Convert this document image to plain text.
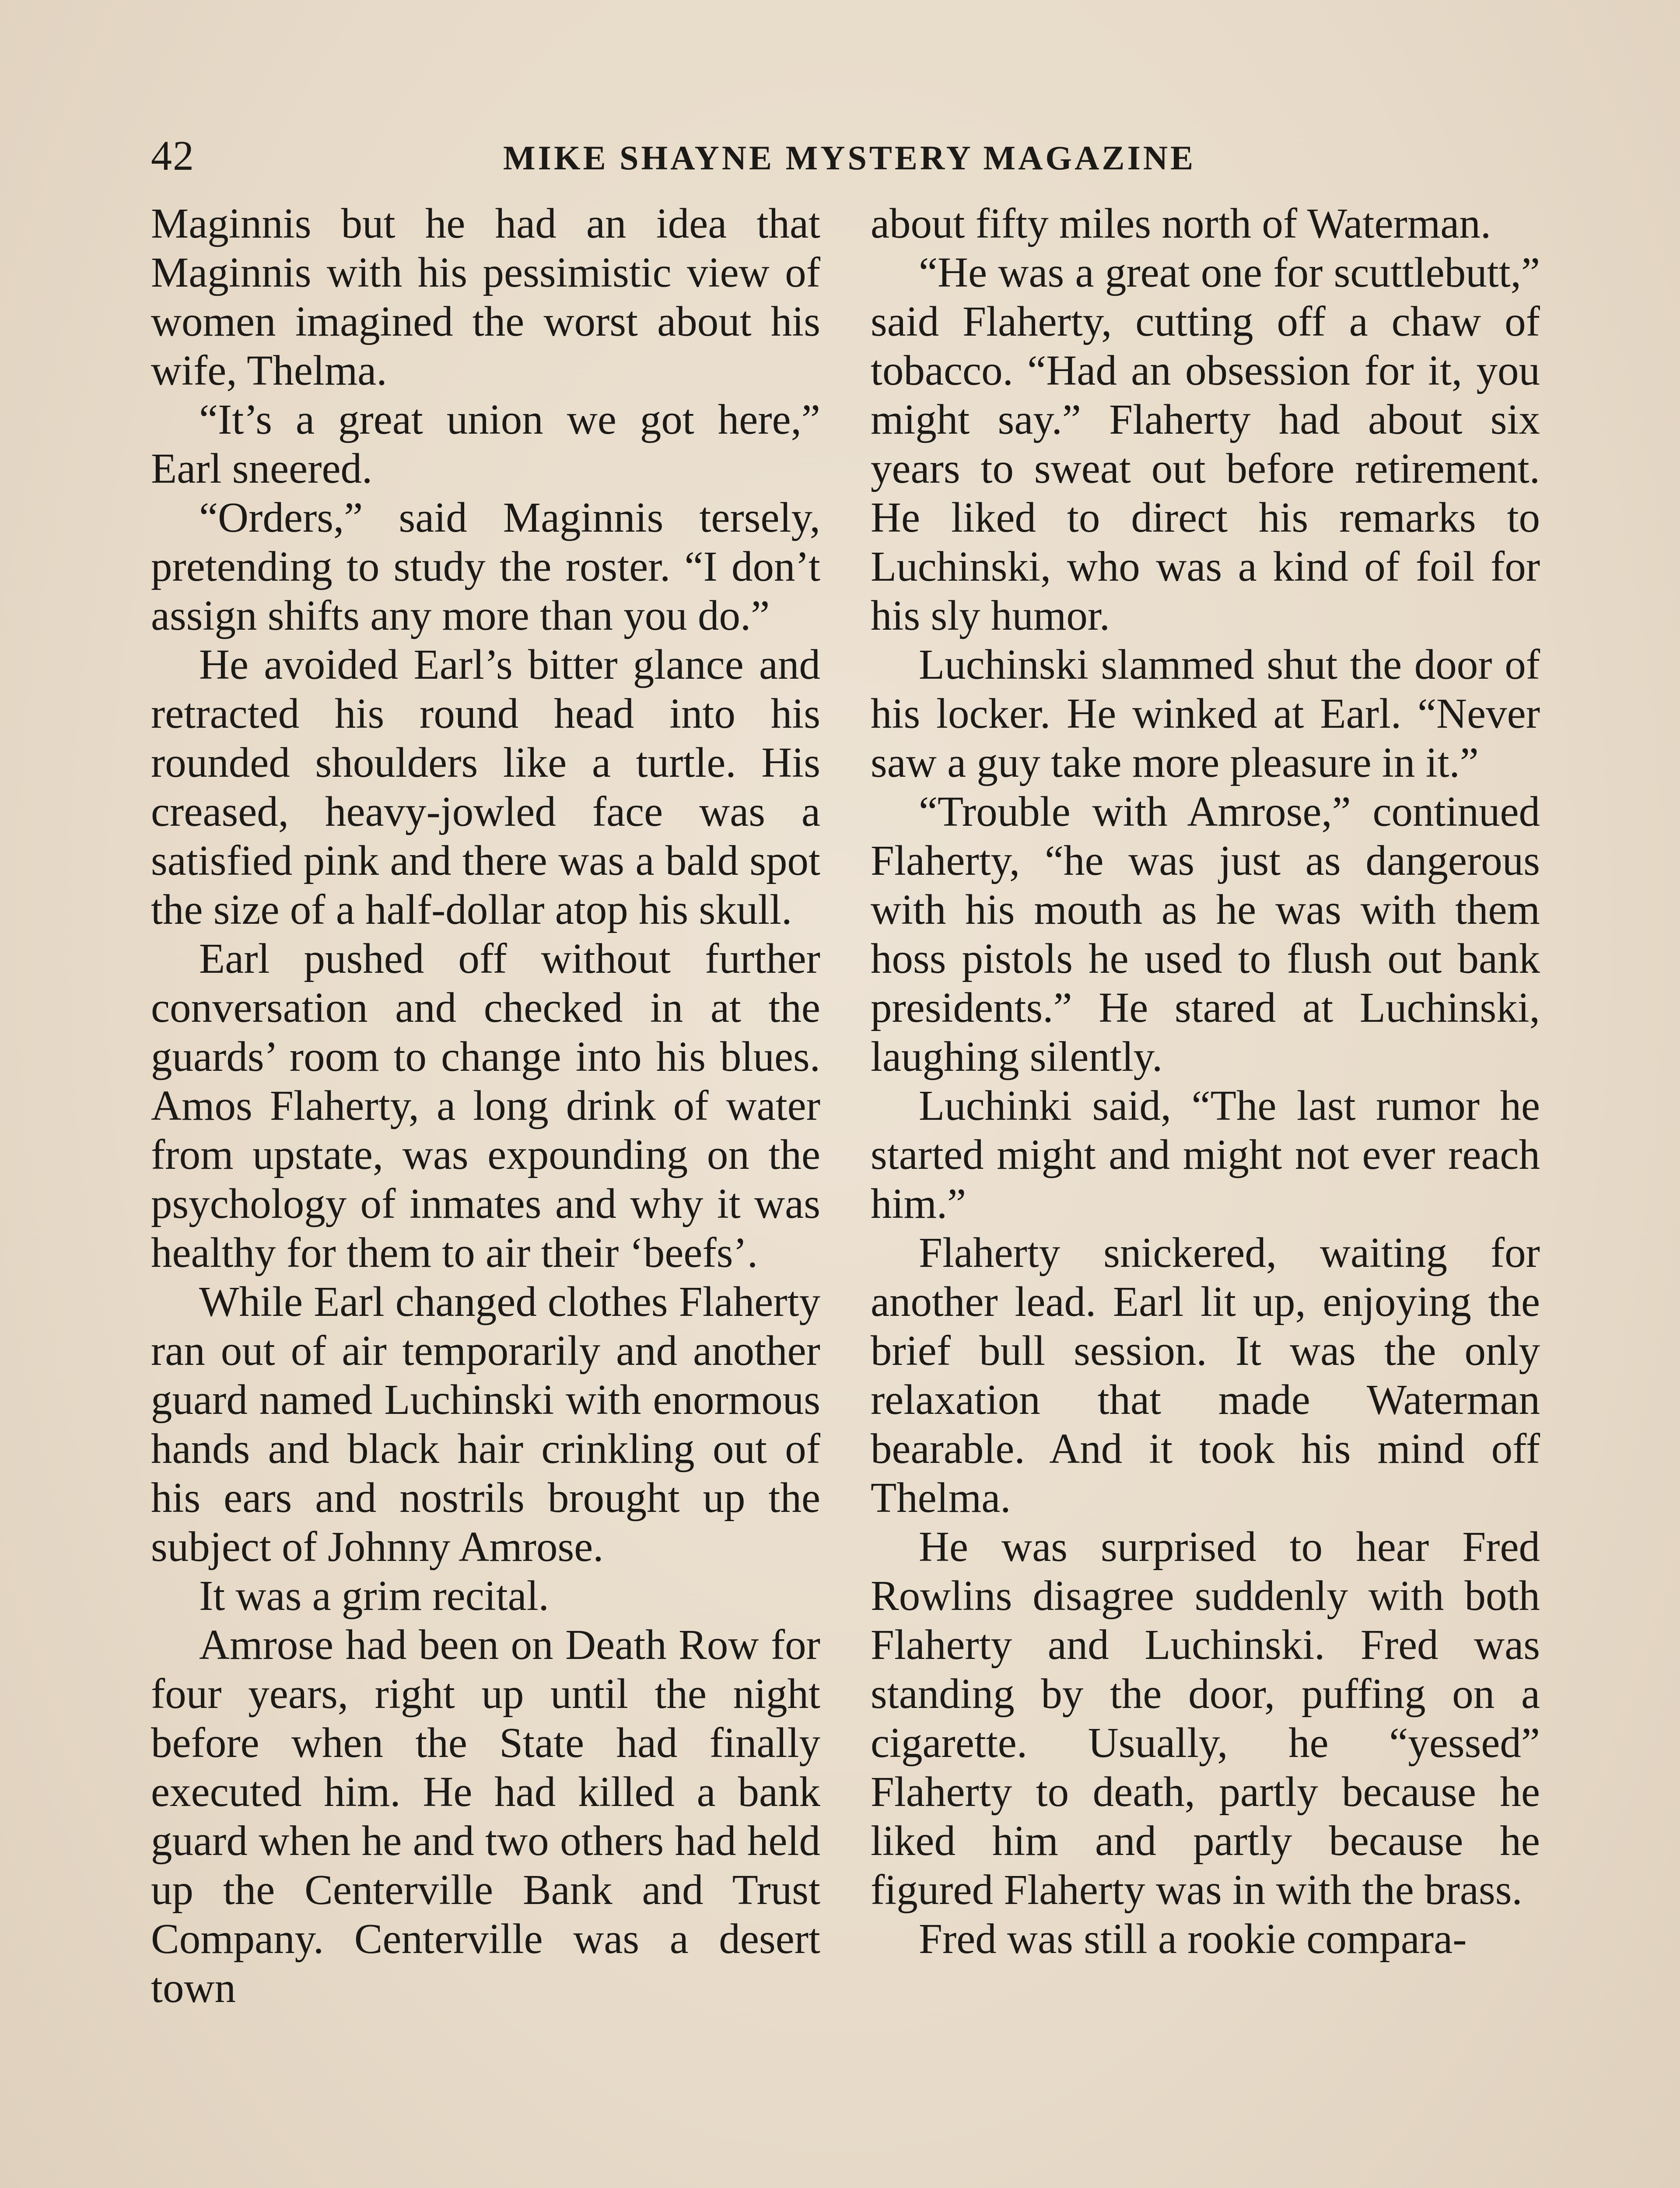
42	MIKE SHAYNE MYSTERY MAGAZINE

Maginnis but he had an idea that Maginnis with his pessimistic view of women imagined the worst about his wife, Thelma.

“It’s a great union we got here,” Earl sneered.

“Orders,” said Maginnis tersely, pretending to study the roster. “I don’t assign shifts any more than you do.”

He avoided Earl’s bitter glance and retracted his round head into his rounded shoulders like a turtle. His creased, heavy-jowled face was a satisfied pink and there was a bald spot the size of a half-dollar atop his skull.

Earl pushed off without further conversation and checked in at the guards’ room to change into his blues. Amos Flaherty, a long drink of water from upstate, was expounding on the psychology of inmates and why it was healthy for them to air their ‘beefs’.

While Earl changed clothes Flaherty ran out of air temporarily and another guard named Luchinski with enormous hands and black hair crinkling out of his ears and nostrils brought up the subject of Johnny Amrose.

It was a grim recital.

Amrose had been on Death Row for four years, right up until the night before when the State had finally executed him. He had killed a bank guard when he and two others had held up the Centerville Bank and Trust Company. Centerville was a desert town

about fifty miles north of Waterman.

“He was a great one for scuttlebutt,” said Flaherty, cutting off a chaw of tobacco. “Had an obsession for it, you might say.” Flaherty had about six years to sweat out before retirement. He liked to direct his remarks to Luchinski, who was a kind of foil for his sly humor.

Luchinski slammed shut the door of his locker. He winked at Earl. “Never saw a guy take more pleasure in it.”

“Trouble with Amrose,” continued Flaherty, “he was just as dangerous with his mouth as he was with them hoss pistols he used to flush out bank presidents.” He stared at Luchinski, laughing silently.

Luchinki said, “The last rumor he started might and might not ever reach him.”

Flaherty snickered, waiting for another lead. Earl lit up, enjoying the brief bull session. It was the only relaxation that made Waterman bearable. And it took his mind off Thelma.

He was surprised to hear Fred Rowlins disagree suddenly with both Flaherty and Luchinski. Fred was standing by the door, puffing on a cigarette. Usually, he “yessed” Flaherty to death, partly because he liked him and partly because he figured Flaherty was in with the brass.

Fred was still a rookie compara-
